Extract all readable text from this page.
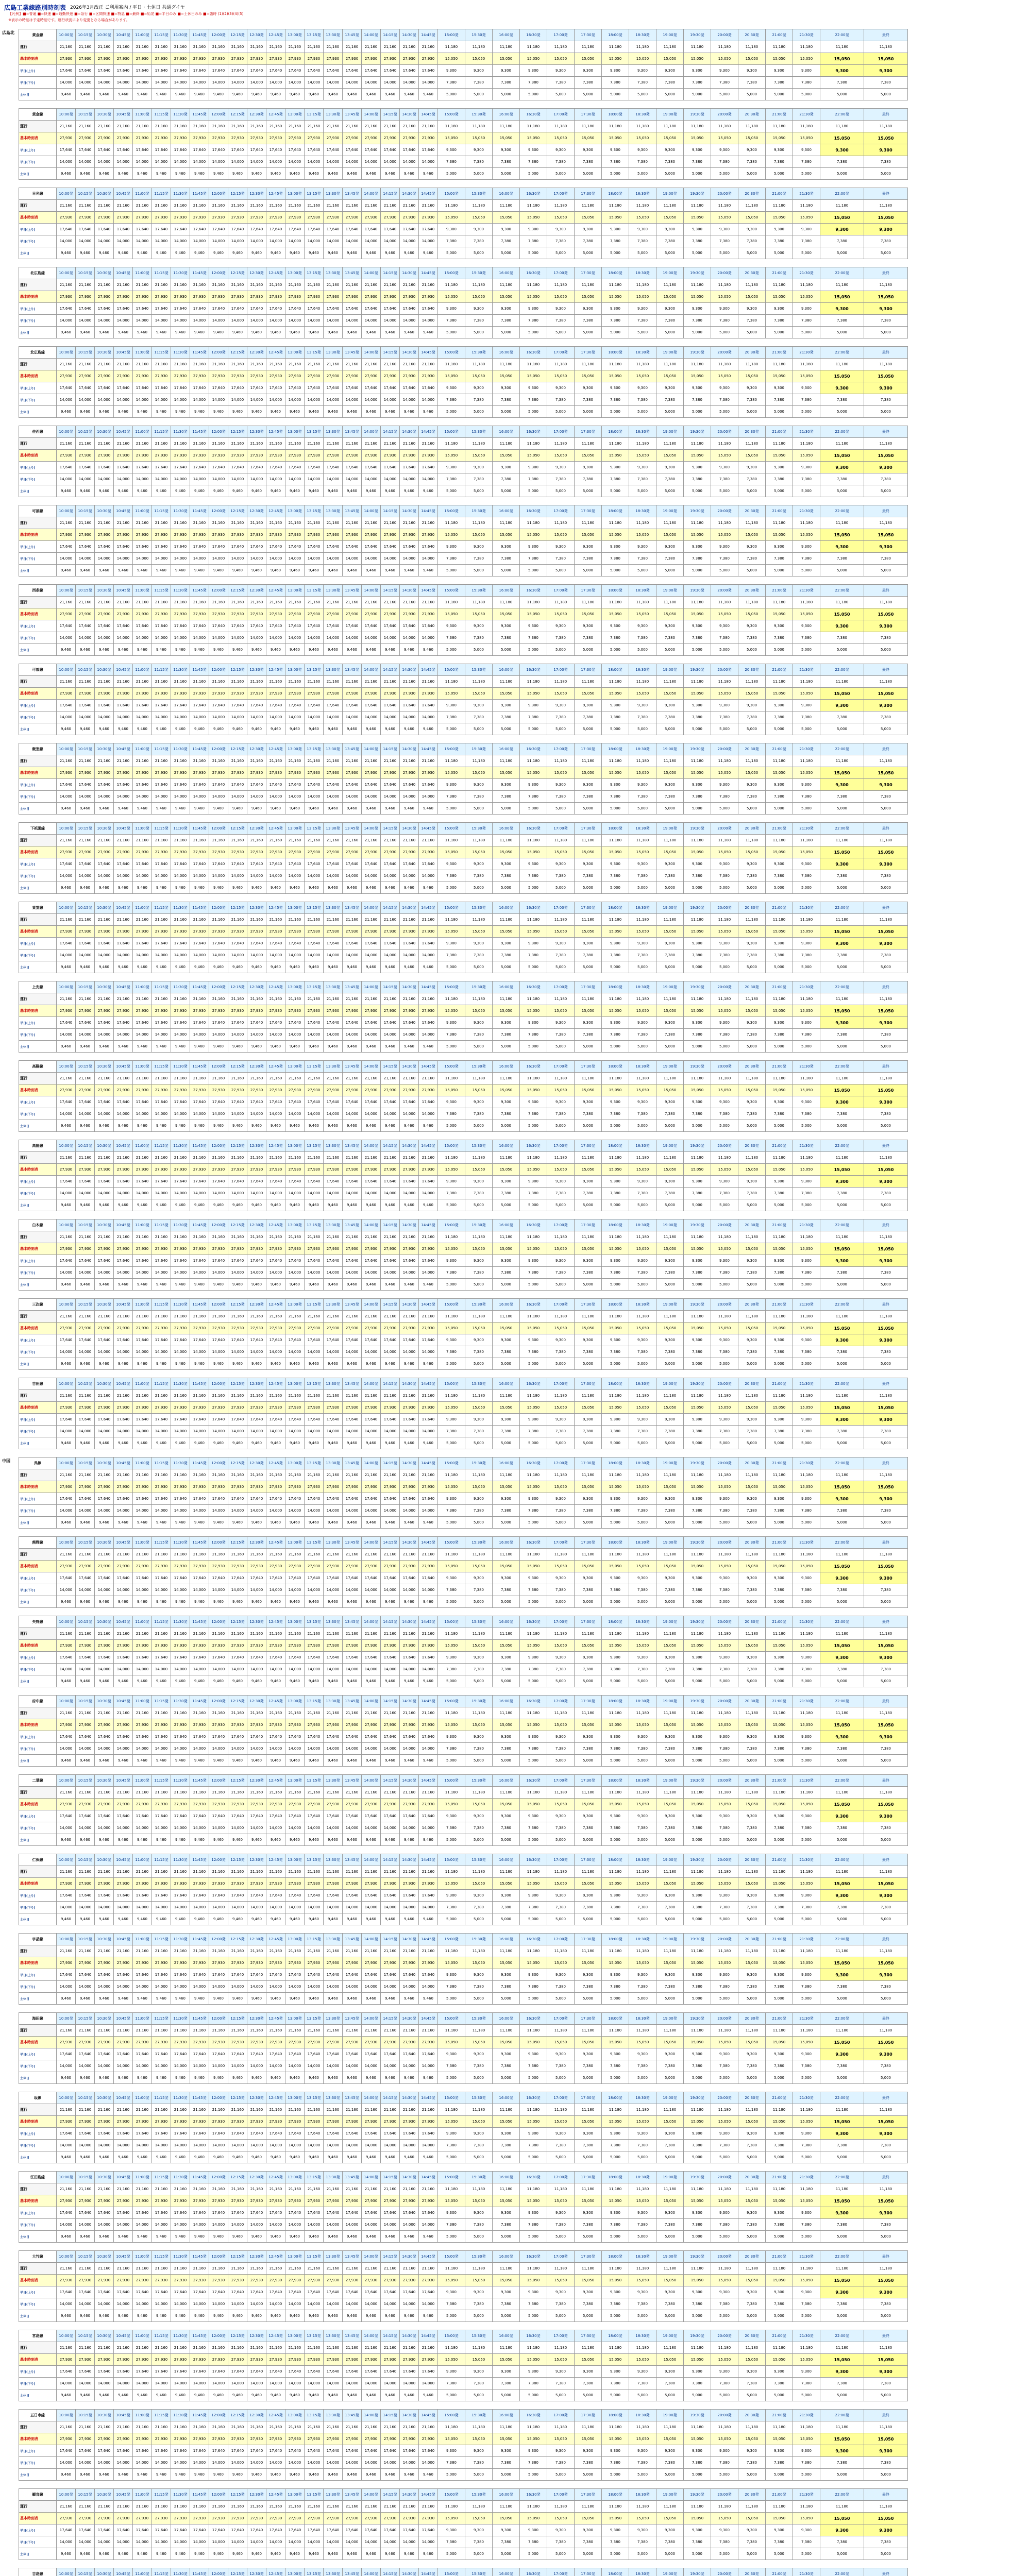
広島工業線路別時刻表 2026年3月改正 ご利用案内 / 平日・土休日 共通ダイヤ
【凡例】■=普通 ■=快速 ■=通勤快速 ■=急行 ■=区間快速 ■=特急 ■=最終 ■=始発 ■=平日のみ ■=土休日のみ ■=臨時 (1)(2)(3)(4)(5)
※表示の時刻は予定時刻です。運行状況により変更となる場合があります。
広島北	黄金線	10:00発	10:15発	10:30発	10:45発	11:00発	11:15発	11:30発	11:45発	12:00発	12:15発	12:30発	12:45発	13:00発	13:15発	13:30発	13:45発	14:00発	14:15発	14:30発	14:45発	15:00発	15:30発	16:00発	16:30発	17:00発	17:30発	18:00発	18:30発	19:00発	19:30発	20:00発	20:30発	21:00発	21:30発	22:00発	最終
運行	21,160	21,160	21,160	21,160	21,160	21,160	21,160	21,160	21,160	21,160	21,160	21,160	21,160	21,160	21,160	21,160	21,160	21,160	21,160	21,160	11,180	11,180	11,180	11,180	11,180	11,180	11,180	11,180	11,180	11,180	11,180	11,180	11,180	11,180	11,180	11,180
基本時刻表	27,930	27,930	27,930	27,930	27,930	27,930	27,930	27,930	27,930	27,930	27,930	27,930	27,930	27,930	27,930	27,930	27,930	27,930	27,930	27,930	15,050	15,050	15,050	15,050	15,050	15,050	15,050	15,050	15,050	15,050	15,050	15,050	15,050	15,050	15,050	15,050
平日(上り)	17,640	17,640	17,640	17,640	17,640	17,640	17,640	17,640	17,640	17,640	17,640	17,640	17,640	17,640	17,640	17,640	17,640	17,640	17,640	17,640	9,300	9,300	9,300	9,300	9,300	9,300	9,300	9,300	9,300	9,300	9,300	9,300	9,300	9,300	9,300	9,300
平日(下り)	14,000	14,000	14,000	14,000	14,000	14,000	14,000	14,000	14,000	14,000	14,000	14,000	14,000	14,000	14,000	14,000	14,000	14,000	14,000	14,000	7,380	7,380	7,380	7,380	7,380	7,380	7,380	7,380	7,380	7,380	7,380	7,380	7,380	7,380	7,380	7,380
土休日	9,460	9,460	9,460	9,460	9,460	9,460	9,460	9,460	9,460	9,460	9,460	9,460	9,460	9,460	9,460	9,460	9,460	9,460	9,460	9,460	5,000	5,000	5,000	5,000	5,000	5,000	5,000	5,000	5,000	5,000	5,000	5,000	5,000	5,000	5,000	5,000
黄金線	10:00発	10:15発	10:30発	10:45発	11:00発	11:15発	11:30発	11:45発	12:00発	12:15発	12:30発	12:45発	13:00発	13:15発	13:30発	13:45発	14:00発	14:15発	14:30発	14:45発	15:00発	15:30発	16:00発	16:30発	17:00発	17:30発	18:00発	18:30発	19:00発	19:30発	20:00発	20:30発	21:00発	21:30発	22:00発	最終
運行	21,160	21,160	21,160	21,160	21,160	21,160	21,160	21,160	21,160	21,160	21,160	21,160	21,160	21,160	21,160	21,160	21,160	21,160	21,160	21,160	11,180	11,180	11,180	11,180	11,180	11,180	11,180	11,180	11,180	11,180	11,180	11,180	11,180	11,180	11,180	11,180
基本時刻表	27,930	27,930	27,930	27,930	27,930	27,930	27,930	27,930	27,930	27,930	27,930	27,930	27,930	27,930	27,930	27,930	27,930	27,930	27,930	27,930	15,050	15,050	15,050	15,050	15,050	15,050	15,050	15,050	15,050	15,050	15,050	15,050	15,050	15,050	15,050	15,050
平日(上り)	17,640	17,640	17,640	17,640	17,640	17,640	17,640	17,640	17,640	17,640	17,640	17,640	17,640	17,640	17,640	17,640	17,640	17,640	17,640	17,640	9,300	9,300	9,300	9,300	9,300	9,300	9,300	9,300	9,300	9,300	9,300	9,300	9,300	9,300	9,300	9,300
平日(下り)	14,000	14,000	14,000	14,000	14,000	14,000	14,000	14,000	14,000	14,000	14,000	14,000	14,000	14,000	14,000	14,000	14,000	14,000	14,000	14,000	7,380	7,380	7,380	7,380	7,380	7,380	7,380	7,380	7,380	7,380	7,380	7,380	7,380	7,380	7,380	7,380
土休日	9,460	9,460	9,460	9,460	9,460	9,460	9,460	9,460	9,460	9,460	9,460	9,460	9,460	9,460	9,460	9,460	9,460	9,460	9,460	9,460	5,000	5,000	5,000	5,000	5,000	5,000	5,000	5,000	5,000	5,000	5,000	5,000	5,000	5,000	5,000	5,000
日光線	10:00発	10:15発	10:30発	10:45発	11:00発	11:15発	11:30発	11:45発	12:00発	12:15発	12:30発	12:45発	13:00発	13:15発	13:30発	13:45発	14:00発	14:15発	14:30発	14:45発	15:00発	15:30発	16:00発	16:30発	17:00発	17:30発	18:00発	18:30発	19:00発	19:30発	20:00発	20:30発	21:00発	21:30発	22:00発	最終
運行	21,160	21,160	21,160	21,160	21,160	21,160	21,160	21,160	21,160	21,160	21,160	21,160	21,160	21,160	21,160	21,160	21,160	21,160	21,160	21,160	11,180	11,180	11,180	11,180	11,180	11,180	11,180	11,180	11,180	11,180	11,180	11,180	11,180	11,180	11,180	11,180
基本時刻表	27,930	27,930	27,930	27,930	27,930	27,930	27,930	27,930	27,930	27,930	27,930	27,930	27,930	27,930	27,930	27,930	27,930	27,930	27,930	27,930	15,050	15,050	15,050	15,050	15,050	15,050	15,050	15,050	15,050	15,050	15,050	15,050	15,050	15,050	15,050	15,050
平日(上り)	17,640	17,640	17,640	17,640	17,640	17,640	17,640	17,640	17,640	17,640	17,640	17,640	17,640	17,640	17,640	17,640	17,640	17,640	17,640	17,640	9,300	9,300	9,300	9,300	9,300	9,300	9,300	9,300	9,300	9,300	9,300	9,300	9,300	9,300	9,300	9,300
平日(下り)	14,000	14,000	14,000	14,000	14,000	14,000	14,000	14,000	14,000	14,000	14,000	14,000	14,000	14,000	14,000	14,000	14,000	14,000	14,000	14,000	7,380	7,380	7,380	7,380	7,380	7,380	7,380	7,380	7,380	7,380	7,380	7,380	7,380	7,380	7,380	7,380
土休日	9,460	9,460	9,460	9,460	9,460	9,460	9,460	9,460	9,460	9,460	9,460	9,460	9,460	9,460	9,460	9,460	9,460	9,460	9,460	9,460	5,000	5,000	5,000	5,000	5,000	5,000	5,000	5,000	5,000	5,000	5,000	5,000	5,000	5,000	5,000	5,000
北広島線	10:00発	10:15発	10:30発	10:45発	11:00発	11:15発	11:30発	11:45発	12:00発	12:15発	12:30発	12:45発	13:00発	13:15発	13:30発	13:45発	14:00発	14:15発	14:30発	14:45発	15:00発	15:30発	16:00発	16:30発	17:00発	17:30発	18:00発	18:30発	19:00発	19:30発	20:00発	20:30発	21:00発	21:30発	22:00発	最終
運行	21,160	21,160	21,160	21,160	21,160	21,160	21,160	21,160	21,160	21,160	21,160	21,160	21,160	21,160	21,160	21,160	21,160	21,160	21,160	21,160	11,180	11,180	11,180	11,180	11,180	11,180	11,180	11,180	11,180	11,180	11,180	11,180	11,180	11,180	11,180	11,180
基本時刻表	27,930	27,930	27,930	27,930	27,930	27,930	27,930	27,930	27,930	27,930	27,930	27,930	27,930	27,930	27,930	27,930	27,930	27,930	27,930	27,930	15,050	15,050	15,050	15,050	15,050	15,050	15,050	15,050	15,050	15,050	15,050	15,050	15,050	15,050	15,050	15,050
平日(上り)	17,640	17,640	17,640	17,640	17,640	17,640	17,640	17,640	17,640	17,640	17,640	17,640	17,640	17,640	17,640	17,640	17,640	17,640	17,640	17,640	9,300	9,300	9,300	9,300	9,300	9,300	9,300	9,300	9,300	9,300	9,300	9,300	9,300	9,300	9,300	9,300
平日(下り)	14,000	14,000	14,000	14,000	14,000	14,000	14,000	14,000	14,000	14,000	14,000	14,000	14,000	14,000	14,000	14,000	14,000	14,000	14,000	14,000	7,380	7,380	7,380	7,380	7,380	7,380	7,380	7,380	7,380	7,380	7,380	7,380	7,380	7,380	7,380	7,380
土休日	9,460	9,460	9,460	9,460	9,460	9,460	9,460	9,460	9,460	9,460	9,460	9,460	9,460	9,460	9,460	9,460	9,460	9,460	9,460	9,460	5,000	5,000	5,000	5,000	5,000	5,000	5,000	5,000	5,000	5,000	5,000	5,000	5,000	5,000	5,000	5,000
北広島線	10:00発	10:15発	10:30発	10:45発	11:00発	11:15発	11:30発	11:45発	12:00発	12:15発	12:30発	12:45発	13:00発	13:15発	13:30発	13:45発	14:00発	14:15発	14:30発	14:45発	15:00発	15:30発	16:00発	16:30発	17:00発	17:30発	18:00発	18:30発	19:00発	19:30発	20:00発	20:30発	21:00発	21:30発	22:00発	最終
運行	21,160	21,160	21,160	21,160	21,160	21,160	21,160	21,160	21,160	21,160	21,160	21,160	21,160	21,160	21,160	21,160	21,160	21,160	21,160	21,160	11,180	11,180	11,180	11,180	11,180	11,180	11,180	11,180	11,180	11,180	11,180	11,180	11,180	11,180	11,180	11,180
基本時刻表	27,930	27,930	27,930	27,930	27,930	27,930	27,930	27,930	27,930	27,930	27,930	27,930	27,930	27,930	27,930	27,930	27,930	27,930	27,930	27,930	15,050	15,050	15,050	15,050	15,050	15,050	15,050	15,050	15,050	15,050	15,050	15,050	15,050	15,050	15,050	15,050
平日(上り)	17,640	17,640	17,640	17,640	17,640	17,640	17,640	17,640	17,640	17,640	17,640	17,640	17,640	17,640	17,640	17,640	17,640	17,640	17,640	17,640	9,300	9,300	9,300	9,300	9,300	9,300	9,300	9,300	9,300	9,300	9,300	9,300	9,300	9,300	9,300	9,300
平日(下り)	14,000	14,000	14,000	14,000	14,000	14,000	14,000	14,000	14,000	14,000	14,000	14,000	14,000	14,000	14,000	14,000	14,000	14,000	14,000	14,000	7,380	7,380	7,380	7,380	7,380	7,380	7,380	7,380	7,380	7,380	7,380	7,380	7,380	7,380	7,380	7,380
土休日	9,460	9,460	9,460	9,460	9,460	9,460	9,460	9,460	9,460	9,460	9,460	9,460	9,460	9,460	9,460	9,460	9,460	9,460	9,460	9,460	5,000	5,000	5,000	5,000	5,000	5,000	5,000	5,000	5,000	5,000	5,000	5,000	5,000	5,000	5,000	5,000
佐西線	10:00発	10:15発	10:30発	10:45発	11:00発	11:15発	11:30発	11:45発	12:00発	12:15発	12:30発	12:45発	13:00発	13:15発	13:30発	13:45発	14:00発	14:15発	14:30発	14:45発	15:00発	15:30発	16:00発	16:30発	17:00発	17:30発	18:00発	18:30発	19:00発	19:30発	20:00発	20:30発	21:00発	21:30発	22:00発	最終
運行	21,160	21,160	21,160	21,160	21,160	21,160	21,160	21,160	21,160	21,160	21,160	21,160	21,160	21,160	21,160	21,160	21,160	21,160	21,160	21,160	11,180	11,180	11,180	11,180	11,180	11,180	11,180	11,180	11,180	11,180	11,180	11,180	11,180	11,180	11,180	11,180
基本時刻表	27,930	27,930	27,930	27,930	27,930	27,930	27,930	27,930	27,930	27,930	27,930	27,930	27,930	27,930	27,930	27,930	27,930	27,930	27,930	27,930	15,050	15,050	15,050	15,050	15,050	15,050	15,050	15,050	15,050	15,050	15,050	15,050	15,050	15,050	15,050	15,050
平日(上り)	17,640	17,640	17,640	17,640	17,640	17,640	17,640	17,640	17,640	17,640	17,640	17,640	17,640	17,640	17,640	17,640	17,640	17,640	17,640	17,640	9,300	9,300	9,300	9,300	9,300	9,300	9,300	9,300	9,300	9,300	9,300	9,300	9,300	9,300	9,300	9,300
平日(下り)	14,000	14,000	14,000	14,000	14,000	14,000	14,000	14,000	14,000	14,000	14,000	14,000	14,000	14,000	14,000	14,000	14,000	14,000	14,000	14,000	7,380	7,380	7,380	7,380	7,380	7,380	7,380	7,380	7,380	7,380	7,380	7,380	7,380	7,380	7,380	7,380
土休日	9,460	9,460	9,460	9,460	9,460	9,460	9,460	9,460	9,460	9,460	9,460	9,460	9,460	9,460	9,460	9,460	9,460	9,460	9,460	9,460	5,000	5,000	5,000	5,000	5,000	5,000	5,000	5,000	5,000	5,000	5,000	5,000	5,000	5,000	5,000	5,000
可部線	10:00発	10:15発	10:30発	10:45発	11:00発	11:15発	11:30発	11:45発	12:00発	12:15発	12:30発	12:45発	13:00発	13:15発	13:30発	13:45発	14:00発	14:15発	14:30発	14:45発	15:00発	15:30発	16:00発	16:30発	17:00発	17:30発	18:00発	18:30発	19:00発	19:30発	20:00発	20:30発	21:00発	21:30発	22:00発	最終
運行	21,160	21,160	21,160	21,160	21,160	21,160	21,160	21,160	21,160	21,160	21,160	21,160	21,160	21,160	21,160	21,160	21,160	21,160	21,160	21,160	11,180	11,180	11,180	11,180	11,180	11,180	11,180	11,180	11,180	11,180	11,180	11,180	11,180	11,180	11,180	11,180
基本時刻表	27,930	27,930	27,930	27,930	27,930	27,930	27,930	27,930	27,930	27,930	27,930	27,930	27,930	27,930	27,930	27,930	27,930	27,930	27,930	27,930	15,050	15,050	15,050	15,050	15,050	15,050	15,050	15,050	15,050	15,050	15,050	15,050	15,050	15,050	15,050	15,050
平日(上り)	17,640	17,640	17,640	17,640	17,640	17,640	17,640	17,640	17,640	17,640	17,640	17,640	17,640	17,640	17,640	17,640	17,640	17,640	17,640	17,640	9,300	9,300	9,300	9,300	9,300	9,300	9,300	9,300	9,300	9,300	9,300	9,300	9,300	9,300	9,300	9,300
平日(下り)	14,000	14,000	14,000	14,000	14,000	14,000	14,000	14,000	14,000	14,000	14,000	14,000	14,000	14,000	14,000	14,000	14,000	14,000	14,000	14,000	7,380	7,380	7,380	7,380	7,380	7,380	7,380	7,380	7,380	7,380	7,380	7,380	7,380	7,380	7,380	7,380
土休日	9,460	9,460	9,460	9,460	9,460	9,460	9,460	9,460	9,460	9,460	9,460	9,460	9,460	9,460	9,460	9,460	9,460	9,460	9,460	9,460	5,000	5,000	5,000	5,000	5,000	5,000	5,000	5,000	5,000	5,000	5,000	5,000	5,000	5,000	5,000	5,000
西条線	10:00発	10:15発	10:30発	10:45発	11:00発	11:15発	11:30発	11:45発	12:00発	12:15発	12:30発	12:45発	13:00発	13:15発	13:30発	13:45発	14:00発	14:15発	14:30発	14:45発	15:00発	15:30発	16:00発	16:30発	17:00発	17:30発	18:00発	18:30発	19:00発	19:30発	20:00発	20:30発	21:00発	21:30発	22:00発	最終
運行	21,160	21,160	21,160	21,160	21,160	21,160	21,160	21,160	21,160	21,160	21,160	21,160	21,160	21,160	21,160	21,160	21,160	21,160	21,160	21,160	11,180	11,180	11,180	11,180	11,180	11,180	11,180	11,180	11,180	11,180	11,180	11,180	11,180	11,180	11,180	11,180
基本時刻表	27,930	27,930	27,930	27,930	27,930	27,930	27,930	27,930	27,930	27,930	27,930	27,930	27,930	27,930	27,930	27,930	27,930	27,930	27,930	27,930	15,050	15,050	15,050	15,050	15,050	15,050	15,050	15,050	15,050	15,050	15,050	15,050	15,050	15,050	15,050	15,050
平日(上り)	17,640	17,640	17,640	17,640	17,640	17,640	17,640	17,640	17,640	17,640	17,640	17,640	17,640	17,640	17,640	17,640	17,640	17,640	17,640	17,640	9,300	9,300	9,300	9,300	9,300	9,300	9,300	9,300	9,300	9,300	9,300	9,300	9,300	9,300	9,300	9,300
平日(下り)	14,000	14,000	14,000	14,000	14,000	14,000	14,000	14,000	14,000	14,000	14,000	14,000	14,000	14,000	14,000	14,000	14,000	14,000	14,000	14,000	7,380	7,380	7,380	7,380	7,380	7,380	7,380	7,380	7,380	7,380	7,380	7,380	7,380	7,380	7,380	7,380
土休日	9,460	9,460	9,460	9,460	9,460	9,460	9,460	9,460	9,460	9,460	9,460	9,460	9,460	9,460	9,460	9,460	9,460	9,460	9,460	9,460	5,000	5,000	5,000	5,000	5,000	5,000	5,000	5,000	5,000	5,000	5,000	5,000	5,000	5,000	5,000	5,000
可部線	10:00発	10:15発	10:30発	10:45発	11:00発	11:15発	11:30発	11:45発	12:00発	12:15発	12:30発	12:45発	13:00発	13:15発	13:30発	13:45発	14:00発	14:15発	14:30発	14:45発	15:00発	15:30発	16:00発	16:30発	17:00発	17:30発	18:00発	18:30発	19:00発	19:30発	20:00発	20:30発	21:00発	21:30発	22:00発	最終
運行	21,160	21,160	21,160	21,160	21,160	21,160	21,160	21,160	21,160	21,160	21,160	21,160	21,160	21,160	21,160	21,160	21,160	21,160	21,160	21,160	11,180	11,180	11,180	11,180	11,180	11,180	11,180	11,180	11,180	11,180	11,180	11,180	11,180	11,180	11,180	11,180
基本時刻表	27,930	27,930	27,930	27,930	27,930	27,930	27,930	27,930	27,930	27,930	27,930	27,930	27,930	27,930	27,930	27,930	27,930	27,930	27,930	27,930	15,050	15,050	15,050	15,050	15,050	15,050	15,050	15,050	15,050	15,050	15,050	15,050	15,050	15,050	15,050	15,050
平日(上り)	17,640	17,640	17,640	17,640	17,640	17,640	17,640	17,640	17,640	17,640	17,640	17,640	17,640	17,640	17,640	17,640	17,640	17,640	17,640	17,640	9,300	9,300	9,300	9,300	9,300	9,300	9,300	9,300	9,300	9,300	9,300	9,300	9,300	9,300	9,300	9,300
平日(下り)	14,000	14,000	14,000	14,000	14,000	14,000	14,000	14,000	14,000	14,000	14,000	14,000	14,000	14,000	14,000	14,000	14,000	14,000	14,000	14,000	7,380	7,380	7,380	7,380	7,380	7,380	7,380	7,380	7,380	7,380	7,380	7,380	7,380	7,380	7,380	7,380
土休日	9,460	9,460	9,460	9,460	9,460	9,460	9,460	9,460	9,460	9,460	9,460	9,460	9,460	9,460	9,460	9,460	9,460	9,460	9,460	9,460	5,000	5,000	5,000	5,000	5,000	5,000	5,000	5,000	5,000	5,000	5,000	5,000	5,000	5,000	5,000	5,000
飯室線	10:00発	10:15発	10:30発	10:45発	11:00発	11:15発	11:30発	11:45発	12:00発	12:15発	12:30発	12:45発	13:00発	13:15発	13:30発	13:45発	14:00発	14:15発	14:30発	14:45発	15:00発	15:30発	16:00発	16:30発	17:00発	17:30発	18:00発	18:30発	19:00発	19:30発	20:00発	20:30発	21:00発	21:30発	22:00発	最終
運行	21,160	21,160	21,160	21,160	21,160	21,160	21,160	21,160	21,160	21,160	21,160	21,160	21,160	21,160	21,160	21,160	21,160	21,160	21,160	21,160	11,180	11,180	11,180	11,180	11,180	11,180	11,180	11,180	11,180	11,180	11,180	11,180	11,180	11,180	11,180	11,180
基本時刻表	27,930	27,930	27,930	27,930	27,930	27,930	27,930	27,930	27,930	27,930	27,930	27,930	27,930	27,930	27,930	27,930	27,930	27,930	27,930	27,930	15,050	15,050	15,050	15,050	15,050	15,050	15,050	15,050	15,050	15,050	15,050	15,050	15,050	15,050	15,050	15,050
平日(上り)	17,640	17,640	17,640	17,640	17,640	17,640	17,640	17,640	17,640	17,640	17,640	17,640	17,640	17,640	17,640	17,640	17,640	17,640	17,640	17,640	9,300	9,300	9,300	9,300	9,300	9,300	9,300	9,300	9,300	9,300	9,300	9,300	9,300	9,300	9,300	9,300
平日(下り)	14,000	14,000	14,000	14,000	14,000	14,000	14,000	14,000	14,000	14,000	14,000	14,000	14,000	14,000	14,000	14,000	14,000	14,000	14,000	14,000	7,380	7,380	7,380	7,380	7,380	7,380	7,380	7,380	7,380	7,380	7,380	7,380	7,380	7,380	7,380	7,380
土休日	9,460	9,460	9,460	9,460	9,460	9,460	9,460	9,460	9,460	9,460	9,460	9,460	9,460	9,460	9,460	9,460	9,460	9,460	9,460	9,460	5,000	5,000	5,000	5,000	5,000	5,000	5,000	5,000	5,000	5,000	5,000	5,000	5,000	5,000	5,000	5,000
下祇園線	10:00発	10:15発	10:30発	10:45発	11:00発	11:15発	11:30発	11:45発	12:00発	12:15発	12:30発	12:45発	13:00発	13:15発	13:30発	13:45発	14:00発	14:15発	14:30発	14:45発	15:00発	15:30発	16:00発	16:30発	17:00発	17:30発	18:00発	18:30発	19:00発	19:30発	20:00発	20:30発	21:00発	21:30発	22:00発	最終
運行	21,160	21,160	21,160	21,160	21,160	21,160	21,160	21,160	21,160	21,160	21,160	21,160	21,160	21,160	21,160	21,160	21,160	21,160	21,160	21,160	11,180	11,180	11,180	11,180	11,180	11,180	11,180	11,180	11,180	11,180	11,180	11,180	11,180	11,180	11,180	11,180
基本時刻表	27,930	27,930	27,930	27,930	27,930	27,930	27,930	27,930	27,930	27,930	27,930	27,930	27,930	27,930	27,930	27,930	27,930	27,930	27,930	27,930	15,050	15,050	15,050	15,050	15,050	15,050	15,050	15,050	15,050	15,050	15,050	15,050	15,050	15,050	15,050	15,050
平日(上り)	17,640	17,640	17,640	17,640	17,640	17,640	17,640	17,640	17,640	17,640	17,640	17,640	17,640	17,640	17,640	17,640	17,640	17,640	17,640	17,640	9,300	9,300	9,300	9,300	9,300	9,300	9,300	9,300	9,300	9,300	9,300	9,300	9,300	9,300	9,300	9,300
平日(下り)	14,000	14,000	14,000	14,000	14,000	14,000	14,000	14,000	14,000	14,000	14,000	14,000	14,000	14,000	14,000	14,000	14,000	14,000	14,000	14,000	7,380	7,380	7,380	7,380	7,380	7,380	7,380	7,380	7,380	7,380	7,380	7,380	7,380	7,380	7,380	7,380
土休日	9,460	9,460	9,460	9,460	9,460	9,460	9,460	9,460	9,460	9,460	9,460	9,460	9,460	9,460	9,460	9,460	9,460	9,460	9,460	9,460	5,000	5,000	5,000	5,000	5,000	5,000	5,000	5,000	5,000	5,000	5,000	5,000	5,000	5,000	5,000	5,000
東雲線	10:00発	10:15発	10:30発	10:45発	11:00発	11:15発	11:30発	11:45発	12:00発	12:15発	12:30発	12:45発	13:00発	13:15発	13:30発	13:45発	14:00発	14:15発	14:30発	14:45発	15:00発	15:30発	16:00発	16:30発	17:00発	17:30発	18:00発	18:30発	19:00発	19:30発	20:00発	20:30発	21:00発	21:30発	22:00発	最終
運行	21,160	21,160	21,160	21,160	21,160	21,160	21,160	21,160	21,160	21,160	21,160	21,160	21,160	21,160	21,160	21,160	21,160	21,160	21,160	21,160	11,180	11,180	11,180	11,180	11,180	11,180	11,180	11,180	11,180	11,180	11,180	11,180	11,180	11,180	11,180	11,180
基本時刻表	27,930	27,930	27,930	27,930	27,930	27,930	27,930	27,930	27,930	27,930	27,930	27,930	27,930	27,930	27,930	27,930	27,930	27,930	27,930	27,930	15,050	15,050	15,050	15,050	15,050	15,050	15,050	15,050	15,050	15,050	15,050	15,050	15,050	15,050	15,050	15,050
平日(上り)	17,640	17,640	17,640	17,640	17,640	17,640	17,640	17,640	17,640	17,640	17,640	17,640	17,640	17,640	17,640	17,640	17,640	17,640	17,640	17,640	9,300	9,300	9,300	9,300	9,300	9,300	9,300	9,300	9,300	9,300	9,300	9,300	9,300	9,300	9,300	9,300
平日(下り)	14,000	14,000	14,000	14,000	14,000	14,000	14,000	14,000	14,000	14,000	14,000	14,000	14,000	14,000	14,000	14,000	14,000	14,000	14,000	14,000	7,380	7,380	7,380	7,380	7,380	7,380	7,380	7,380	7,380	7,380	7,380	7,380	7,380	7,380	7,380	7,380
土休日	9,460	9,460	9,460	9,460	9,460	9,460	9,460	9,460	9,460	9,460	9,460	9,460	9,460	9,460	9,460	9,460	9,460	9,460	9,460	9,460	5,000	5,000	5,000	5,000	5,000	5,000	5,000	5,000	5,000	5,000	5,000	5,000	5,000	5,000	5,000	5,000
上安線	10:00発	10:15発	10:30発	10:45発	11:00発	11:15発	11:30発	11:45発	12:00発	12:15発	12:30発	12:45発	13:00発	13:15発	13:30発	13:45発	14:00発	14:15発	14:30発	14:45発	15:00発	15:30発	16:00発	16:30発	17:00発	17:30発	18:00発	18:30発	19:00発	19:30発	20:00発	20:30発	21:00発	21:30発	22:00発	最終
運行	21,160	21,160	21,160	21,160	21,160	21,160	21,160	21,160	21,160	21,160	21,160	21,160	21,160	21,160	21,160	21,160	21,160	21,160	21,160	21,160	11,180	11,180	11,180	11,180	11,180	11,180	11,180	11,180	11,180	11,180	11,180	11,180	11,180	11,180	11,180	11,180
基本時刻表	27,930	27,930	27,930	27,930	27,930	27,930	27,930	27,930	27,930	27,930	27,930	27,930	27,930	27,930	27,930	27,930	27,930	27,930	27,930	27,930	15,050	15,050	15,050	15,050	15,050	15,050	15,050	15,050	15,050	15,050	15,050	15,050	15,050	15,050	15,050	15,050
平日(上り)	17,640	17,640	17,640	17,640	17,640	17,640	17,640	17,640	17,640	17,640	17,640	17,640	17,640	17,640	17,640	17,640	17,640	17,640	17,640	17,640	9,300	9,300	9,300	9,300	9,300	9,300	9,300	9,300	9,300	9,300	9,300	9,300	9,300	9,300	9,300	9,300
平日(下り)	14,000	14,000	14,000	14,000	14,000	14,000	14,000	14,000	14,000	14,000	14,000	14,000	14,000	14,000	14,000	14,000	14,000	14,000	14,000	14,000	7,380	7,380	7,380	7,380	7,380	7,380	7,380	7,380	7,380	7,380	7,380	7,380	7,380	7,380	7,380	7,380
土休日	9,460	9,460	9,460	9,460	9,460	9,460	9,460	9,460	9,460	9,460	9,460	9,460	9,460	9,460	9,460	9,460	9,460	9,460	9,460	9,460	5,000	5,000	5,000	5,000	5,000	5,000	5,000	5,000	5,000	5,000	5,000	5,000	5,000	5,000	5,000	5,000
高陽線	10:00発	10:15発	10:30発	10:45発	11:00発	11:15発	11:30発	11:45発	12:00発	12:15発	12:30発	12:45発	13:00発	13:15発	13:30発	13:45発	14:00発	14:15発	14:30発	14:45発	15:00発	15:30発	16:00発	16:30発	17:00発	17:30発	18:00発	18:30発	19:00発	19:30発	20:00発	20:30発	21:00発	21:30発	22:00発	最終
運行	21,160	21,160	21,160	21,160	21,160	21,160	21,160	21,160	21,160	21,160	21,160	21,160	21,160	21,160	21,160	21,160	21,160	21,160	21,160	21,160	11,180	11,180	11,180	11,180	11,180	11,180	11,180	11,180	11,180	11,180	11,180	11,180	11,180	11,180	11,180	11,180
基本時刻表	27,930	27,930	27,930	27,930	27,930	27,930	27,930	27,930	27,930	27,930	27,930	27,930	27,930	27,930	27,930	27,930	27,930	27,930	27,930	27,930	15,050	15,050	15,050	15,050	15,050	15,050	15,050	15,050	15,050	15,050	15,050	15,050	15,050	15,050	15,050	15,050
平日(上り)	17,640	17,640	17,640	17,640	17,640	17,640	17,640	17,640	17,640	17,640	17,640	17,640	17,640	17,640	17,640	17,640	17,640	17,640	17,640	17,640	9,300	9,300	9,300	9,300	9,300	9,300	9,300	9,300	9,300	9,300	9,300	9,300	9,300	9,300	9,300	9,300
平日(下り)	14,000	14,000	14,000	14,000	14,000	14,000	14,000	14,000	14,000	14,000	14,000	14,000	14,000	14,000	14,000	14,000	14,000	14,000	14,000	14,000	7,380	7,380	7,380	7,380	7,380	7,380	7,380	7,380	7,380	7,380	7,380	7,380	7,380	7,380	7,380	7,380
土休日	9,460	9,460	9,460	9,460	9,460	9,460	9,460	9,460	9,460	9,460	9,460	9,460	9,460	9,460	9,460	9,460	9,460	9,460	9,460	9,460	5,000	5,000	5,000	5,000	5,000	5,000	5,000	5,000	5,000	5,000	5,000	5,000	5,000	5,000	5,000	5,000
高陽線	10:00発	10:15発	10:30発	10:45発	11:00発	11:15発	11:30発	11:45発	12:00発	12:15発	12:30発	12:45発	13:00発	13:15発	13:30発	13:45発	14:00発	14:15発	14:30発	14:45発	15:00発	15:30発	16:00発	16:30発	17:00発	17:30発	18:00発	18:30発	19:00発	19:30発	20:00発	20:30発	21:00発	21:30発	22:00発	最終
運行	21,160	21,160	21,160	21,160	21,160	21,160	21,160	21,160	21,160	21,160	21,160	21,160	21,160	21,160	21,160	21,160	21,160	21,160	21,160	21,160	11,180	11,180	11,180	11,180	11,180	11,180	11,180	11,180	11,180	11,180	11,180	11,180	11,180	11,180	11,180	11,180
基本時刻表	27,930	27,930	27,930	27,930	27,930	27,930	27,930	27,930	27,930	27,930	27,930	27,930	27,930	27,930	27,930	27,930	27,930	27,930	27,930	27,930	15,050	15,050	15,050	15,050	15,050	15,050	15,050	15,050	15,050	15,050	15,050	15,050	15,050	15,050	15,050	15,050
平日(上り)	17,640	17,640	17,640	17,640	17,640	17,640	17,640	17,640	17,640	17,640	17,640	17,640	17,640	17,640	17,640	17,640	17,640	17,640	17,640	17,640	9,300	9,300	9,300	9,300	9,300	9,300	9,300	9,300	9,300	9,300	9,300	9,300	9,300	9,300	9,300	9,300
平日(下り)	14,000	14,000	14,000	14,000	14,000	14,000	14,000	14,000	14,000	14,000	14,000	14,000	14,000	14,000	14,000	14,000	14,000	14,000	14,000	14,000	7,380	7,380	7,380	7,380	7,380	7,380	7,380	7,380	7,380	7,380	7,380	7,380	7,380	7,380	7,380	7,380
土休日	9,460	9,460	9,460	9,460	9,460	9,460	9,460	9,460	9,460	9,460	9,460	9,460	9,460	9,460	9,460	9,460	9,460	9,460	9,460	9,460	5,000	5,000	5,000	5,000	5,000	5,000	5,000	5,000	5,000	5,000	5,000	5,000	5,000	5,000	5,000	5,000
白木線	10:00発	10:15発	10:30発	10:45発	11:00発	11:15発	11:30発	11:45発	12:00発	12:15発	12:30発	12:45発	13:00発	13:15発	13:30発	13:45発	14:00発	14:15発	14:30発	14:45発	15:00発	15:30発	16:00発	16:30発	17:00発	17:30発	18:00発	18:30発	19:00発	19:30発	20:00発	20:30発	21:00発	21:30発	22:00発	最終
運行	21,160	21,160	21,160	21,160	21,160	21,160	21,160	21,160	21,160	21,160	21,160	21,160	21,160	21,160	21,160	21,160	21,160	21,160	21,160	21,160	11,180	11,180	11,180	11,180	11,180	11,180	11,180	11,180	11,180	11,180	11,180	11,180	11,180	11,180	11,180	11,180
基本時刻表	27,930	27,930	27,930	27,930	27,930	27,930	27,930	27,930	27,930	27,930	27,930	27,930	27,930	27,930	27,930	27,930	27,930	27,930	27,930	27,930	15,050	15,050	15,050	15,050	15,050	15,050	15,050	15,050	15,050	15,050	15,050	15,050	15,050	15,050	15,050	15,050
平日(上り)	17,640	17,640	17,640	17,640	17,640	17,640	17,640	17,640	17,640	17,640	17,640	17,640	17,640	17,640	17,640	17,640	17,640	17,640	17,640	17,640	9,300	9,300	9,300	9,300	9,300	9,300	9,300	9,300	9,300	9,300	9,300	9,300	9,300	9,300	9,300	9,300
平日(下り)	14,000	14,000	14,000	14,000	14,000	14,000	14,000	14,000	14,000	14,000	14,000	14,000	14,000	14,000	14,000	14,000	14,000	14,000	14,000	14,000	7,380	7,380	7,380	7,380	7,380	7,380	7,380	7,380	7,380	7,380	7,380	7,380	7,380	7,380	7,380	7,380
土休日	9,460	9,460	9,460	9,460	9,460	9,460	9,460	9,460	9,460	9,460	9,460	9,460	9,460	9,460	9,460	9,460	9,460	9,460	9,460	9,460	5,000	5,000	5,000	5,000	5,000	5,000	5,000	5,000	5,000	5,000	5,000	5,000	5,000	5,000	5,000	5,000
三次線	10:00発	10:15発	10:30発	10:45発	11:00発	11:15発	11:30発	11:45発	12:00発	12:15発	12:30発	12:45発	13:00発	13:15発	13:30発	13:45発	14:00発	14:15発	14:30発	14:45発	15:00発	15:30発	16:00発	16:30発	17:00発	17:30発	18:00発	18:30発	19:00発	19:30発	20:00発	20:30発	21:00発	21:30発	22:00発	最終
運行	21,160	21,160	21,160	21,160	21,160	21,160	21,160	21,160	21,160	21,160	21,160	21,160	21,160	21,160	21,160	21,160	21,160	21,160	21,160	21,160	11,180	11,180	11,180	11,180	11,180	11,180	11,180	11,180	11,180	11,180	11,180	11,180	11,180	11,180	11,180	11,180
基本時刻表	27,930	27,930	27,930	27,930	27,930	27,930	27,930	27,930	27,930	27,930	27,930	27,930	27,930	27,930	27,930	27,930	27,930	27,930	27,930	27,930	15,050	15,050	15,050	15,050	15,050	15,050	15,050	15,050	15,050	15,050	15,050	15,050	15,050	15,050	15,050	15,050
平日(上り)	17,640	17,640	17,640	17,640	17,640	17,640	17,640	17,640	17,640	17,640	17,640	17,640	17,640	17,640	17,640	17,640	17,640	17,640	17,640	17,640	9,300	9,300	9,300	9,300	9,300	9,300	9,300	9,300	9,300	9,300	9,300	9,300	9,300	9,300	9,300	9,300
平日(下り)	14,000	14,000	14,000	14,000	14,000	14,000	14,000	14,000	14,000	14,000	14,000	14,000	14,000	14,000	14,000	14,000	14,000	14,000	14,000	14,000	7,380	7,380	7,380	7,380	7,380	7,380	7,380	7,380	7,380	7,380	7,380	7,380	7,380	7,380	7,380	7,380
土休日	9,460	9,460	9,460	9,460	9,460	9,460	9,460	9,460	9,460	9,460	9,460	9,460	9,460	9,460	9,460	9,460	9,460	9,460	9,460	9,460	5,000	5,000	5,000	5,000	5,000	5,000	5,000	5,000	5,000	5,000	5,000	5,000	5,000	5,000	5,000	5,000
吉田線	10:00発	10:15発	10:30発	10:45発	11:00発	11:15発	11:30発	11:45発	12:00発	12:15発	12:30発	12:45発	13:00発	13:15発	13:30発	13:45発	14:00発	14:15発	14:30発	14:45発	15:00発	15:30発	16:00発	16:30発	17:00発	17:30発	18:00発	18:30発	19:00発	19:30発	20:00発	20:30発	21:00発	21:30発	22:00発	最終
運行	21,160	21,160	21,160	21,160	21,160	21,160	21,160	21,160	21,160	21,160	21,160	21,160	21,160	21,160	21,160	21,160	21,160	21,160	21,160	21,160	11,180	11,180	11,180	11,180	11,180	11,180	11,180	11,180	11,180	11,180	11,180	11,180	11,180	11,180	11,180	11,180
基本時刻表	27,930	27,930	27,930	27,930	27,930	27,930	27,930	27,930	27,930	27,930	27,930	27,930	27,930	27,930	27,930	27,930	27,930	27,930	27,930	27,930	15,050	15,050	15,050	15,050	15,050	15,050	15,050	15,050	15,050	15,050	15,050	15,050	15,050	15,050	15,050	15,050
平日(上り)	17,640	17,640	17,640	17,640	17,640	17,640	17,640	17,640	17,640	17,640	17,640	17,640	17,640	17,640	17,640	17,640	17,640	17,640	17,640	17,640	9,300	9,300	9,300	9,300	9,300	9,300	9,300	9,300	9,300	9,300	9,300	9,300	9,300	9,300	9,300	9,300
平日(下り)	14,000	14,000	14,000	14,000	14,000	14,000	14,000	14,000	14,000	14,000	14,000	14,000	14,000	14,000	14,000	14,000	14,000	14,000	14,000	14,000	7,380	7,380	7,380	7,380	7,380	7,380	7,380	7,380	7,380	7,380	7,380	7,380	7,380	7,380	7,380	7,380
土休日	9,460	9,460	9,460	9,460	9,460	9,460	9,460	9,460	9,460	9,460	9,460	9,460	9,460	9,460	9,460	9,460	9,460	9,460	9,460	9,460	5,000	5,000	5,000	5,000	5,000	5,000	5,000	5,000	5,000	5,000	5,000	5,000	5,000	5,000	5,000	5,000
中国	呉線	10:00発	10:15発	10:30発	10:45発	11:00発	11:15発	11:30発	11:45発	12:00発	12:15発	12:30発	12:45発	13:00発	13:15発	13:30発	13:45発	14:00発	14:15発	14:30発	14:45発	15:00発	15:30発	16:00発	16:30発	17:00発	17:30発	18:00発	18:30発	19:00発	19:30発	20:00発	20:30発	21:00発	21:30発	22:00発	最終
運行	21,160	21,160	21,160	21,160	21,160	21,160	21,160	21,160	21,160	21,160	21,160	21,160	21,160	21,160	21,160	21,160	21,160	21,160	21,160	21,160	11,180	11,180	11,180	11,180	11,180	11,180	11,180	11,180	11,180	11,180	11,180	11,180	11,180	11,180	11,180	11,180
基本時刻表	27,930	27,930	27,930	27,930	27,930	27,930	27,930	27,930	27,930	27,930	27,930	27,930	27,930	27,930	27,930	27,930	27,930	27,930	27,930	27,930	15,050	15,050	15,050	15,050	15,050	15,050	15,050	15,050	15,050	15,050	15,050	15,050	15,050	15,050	15,050	15,050
平日(上り)	17,640	17,640	17,640	17,640	17,640	17,640	17,640	17,640	17,640	17,640	17,640	17,640	17,640	17,640	17,640	17,640	17,640	17,640	17,640	17,640	9,300	9,300	9,300	9,300	9,300	9,300	9,300	9,300	9,300	9,300	9,300	9,300	9,300	9,300	9,300	9,300
平日(下り)	14,000	14,000	14,000	14,000	14,000	14,000	14,000	14,000	14,000	14,000	14,000	14,000	14,000	14,000	14,000	14,000	14,000	14,000	14,000	14,000	7,380	7,380	7,380	7,380	7,380	7,380	7,380	7,380	7,380	7,380	7,380	7,380	7,380	7,380	7,380	7,380
土休日	9,460	9,460	9,460	9,460	9,460	9,460	9,460	9,460	9,460	9,460	9,460	9,460	9,460	9,460	9,460	9,460	9,460	9,460	9,460	9,460	5,000	5,000	5,000	5,000	5,000	5,000	5,000	5,000	5,000	5,000	5,000	5,000	5,000	5,000	5,000	5,000
熊野線	10:00発	10:15発	10:30発	10:45発	11:00発	11:15発	11:30発	11:45発	12:00発	12:15発	12:30発	12:45発	13:00発	13:15発	13:30発	13:45発	14:00発	14:15発	14:30発	14:45発	15:00発	15:30発	16:00発	16:30発	17:00発	17:30発	18:00発	18:30発	19:00発	19:30発	20:00発	20:30発	21:00発	21:30発	22:00発	最終
運行	21,160	21,160	21,160	21,160	21,160	21,160	21,160	21,160	21,160	21,160	21,160	21,160	21,160	21,160	21,160	21,160	21,160	21,160	21,160	21,160	11,180	11,180	11,180	11,180	11,180	11,180	11,180	11,180	11,180	11,180	11,180	11,180	11,180	11,180	11,180	11,180
基本時刻表	27,930	27,930	27,930	27,930	27,930	27,930	27,930	27,930	27,930	27,930	27,930	27,930	27,930	27,930	27,930	27,930	27,930	27,930	27,930	27,930	15,050	15,050	15,050	15,050	15,050	15,050	15,050	15,050	15,050	15,050	15,050	15,050	15,050	15,050	15,050	15,050
平日(上り)	17,640	17,640	17,640	17,640	17,640	17,640	17,640	17,640	17,640	17,640	17,640	17,640	17,640	17,640	17,640	17,640	17,640	17,640	17,640	17,640	9,300	9,300	9,300	9,300	9,300	9,300	9,300	9,300	9,300	9,300	9,300	9,300	9,300	9,300	9,300	9,300
平日(下り)	14,000	14,000	14,000	14,000	14,000	14,000	14,000	14,000	14,000	14,000	14,000	14,000	14,000	14,000	14,000	14,000	14,000	14,000	14,000	14,000	7,380	7,380	7,380	7,380	7,380	7,380	7,380	7,380	7,380	7,380	7,380	7,380	7,380	7,380	7,380	7,380
土休日	9,460	9,460	9,460	9,460	9,460	9,460	9,460	9,460	9,460	9,460	9,460	9,460	9,460	9,460	9,460	9,460	9,460	9,460	9,460	9,460	5,000	5,000	5,000	5,000	5,000	5,000	5,000	5,000	5,000	5,000	5,000	5,000	5,000	5,000	5,000	5,000
矢野線	10:00発	10:15発	10:30発	10:45発	11:00発	11:15発	11:30発	11:45発	12:00発	12:15発	12:30発	12:45発	13:00発	13:15発	13:30発	13:45発	14:00発	14:15発	14:30発	14:45発	15:00発	15:30発	16:00発	16:30発	17:00発	17:30発	18:00発	18:30発	19:00発	19:30発	20:00発	20:30発	21:00発	21:30発	22:00発	最終
運行	21,160	21,160	21,160	21,160	21,160	21,160	21,160	21,160	21,160	21,160	21,160	21,160	21,160	21,160	21,160	21,160	21,160	21,160	21,160	21,160	11,180	11,180	11,180	11,180	11,180	11,180	11,180	11,180	11,180	11,180	11,180	11,180	11,180	11,180	11,180	11,180
基本時刻表	27,930	27,930	27,930	27,930	27,930	27,930	27,930	27,930	27,930	27,930	27,930	27,930	27,930	27,930	27,930	27,930	27,930	27,930	27,930	27,930	15,050	15,050	15,050	15,050	15,050	15,050	15,050	15,050	15,050	15,050	15,050	15,050	15,050	15,050	15,050	15,050
平日(上り)	17,640	17,640	17,640	17,640	17,640	17,640	17,640	17,640	17,640	17,640	17,640	17,640	17,640	17,640	17,640	17,640	17,640	17,640	17,640	17,640	9,300	9,300	9,300	9,300	9,300	9,300	9,300	9,300	9,300	9,300	9,300	9,300	9,300	9,300	9,300	9,300
平日(下り)	14,000	14,000	14,000	14,000	14,000	14,000	14,000	14,000	14,000	14,000	14,000	14,000	14,000	14,000	14,000	14,000	14,000	14,000	14,000	14,000	7,380	7,380	7,380	7,380	7,380	7,380	7,380	7,380	7,380	7,380	7,380	7,380	7,380	7,380	7,380	7,380
土休日	9,460	9,460	9,460	9,460	9,460	9,460	9,460	9,460	9,460	9,460	9,460	9,460	9,460	9,460	9,460	9,460	9,460	9,460	9,460	9,460	5,000	5,000	5,000	5,000	5,000	5,000	5,000	5,000	5,000	5,000	5,000	5,000	5,000	5,000	5,000	5,000
府中線	10:00発	10:15発	10:30発	10:45発	11:00発	11:15発	11:30発	11:45発	12:00発	12:15発	12:30発	12:45発	13:00発	13:15発	13:30発	13:45発	14:00発	14:15発	14:30発	14:45発	15:00発	15:30発	16:00発	16:30発	17:00発	17:30発	18:00発	18:30発	19:00発	19:30発	20:00発	20:30発	21:00発	21:30発	22:00発	最終
運行	21,160	21,160	21,160	21,160	21,160	21,160	21,160	21,160	21,160	21,160	21,160	21,160	21,160	21,160	21,160	21,160	21,160	21,160	21,160	21,160	11,180	11,180	11,180	11,180	11,180	11,180	11,180	11,180	11,180	11,180	11,180	11,180	11,180	11,180	11,180	11,180
基本時刻表	27,930	27,930	27,930	27,930	27,930	27,930	27,930	27,930	27,930	27,930	27,930	27,930	27,930	27,930	27,930	27,930	27,930	27,930	27,930	27,930	15,050	15,050	15,050	15,050	15,050	15,050	15,050	15,050	15,050	15,050	15,050	15,050	15,050	15,050	15,050	15,050
平日(上り)	17,640	17,640	17,640	17,640	17,640	17,640	17,640	17,640	17,640	17,640	17,640	17,640	17,640	17,640	17,640	17,640	17,640	17,640	17,640	17,640	9,300	9,300	9,300	9,300	9,300	9,300	9,300	9,300	9,300	9,300	9,300	9,300	9,300	9,300	9,300	9,300
平日(下り)	14,000	14,000	14,000	14,000	14,000	14,000	14,000	14,000	14,000	14,000	14,000	14,000	14,000	14,000	14,000	14,000	14,000	14,000	14,000	14,000	7,380	7,380	7,380	7,380	7,380	7,380	7,380	7,380	7,380	7,380	7,380	7,380	7,380	7,380	7,380	7,380
土休日	9,460	9,460	9,460	9,460	9,460	9,460	9,460	9,460	9,460	9,460	9,460	9,460	9,460	9,460	9,460	9,460	9,460	9,460	9,460	9,460	5,000	5,000	5,000	5,000	5,000	5,000	5,000	5,000	5,000	5,000	5,000	5,000	5,000	5,000	5,000	5,000
二葉線	10:00発	10:15発	10:30発	10:45発	11:00発	11:15発	11:30発	11:45発	12:00発	12:15発	12:30発	12:45発	13:00発	13:15発	13:30発	13:45発	14:00発	14:15発	14:30発	14:45発	15:00発	15:30発	16:00発	16:30発	17:00発	17:30発	18:00発	18:30発	19:00発	19:30発	20:00発	20:30発	21:00発	21:30発	22:00発	最終
運行	21,160	21,160	21,160	21,160	21,160	21,160	21,160	21,160	21,160	21,160	21,160	21,160	21,160	21,160	21,160	21,160	21,160	21,160	21,160	21,160	11,180	11,180	11,180	11,180	11,180	11,180	11,180	11,180	11,180	11,180	11,180	11,180	11,180	11,180	11,180	11,180
基本時刻表	27,930	27,930	27,930	27,930	27,930	27,930	27,930	27,930	27,930	27,930	27,930	27,930	27,930	27,930	27,930	27,930	27,930	27,930	27,930	27,930	15,050	15,050	15,050	15,050	15,050	15,050	15,050	15,050	15,050	15,050	15,050	15,050	15,050	15,050	15,050	15,050
平日(上り)	17,640	17,640	17,640	17,640	17,640	17,640	17,640	17,640	17,640	17,640	17,640	17,640	17,640	17,640	17,640	17,640	17,640	17,640	17,640	17,640	9,300	9,300	9,300	9,300	9,300	9,300	9,300	9,300	9,300	9,300	9,300	9,300	9,300	9,300	9,300	9,300
平日(下り)	14,000	14,000	14,000	14,000	14,000	14,000	14,000	14,000	14,000	14,000	14,000	14,000	14,000	14,000	14,000	14,000	14,000	14,000	14,000	14,000	7,380	7,380	7,380	7,380	7,380	7,380	7,380	7,380	7,380	7,380	7,380	7,380	7,380	7,380	7,380	7,380
土休日	9,460	9,460	9,460	9,460	9,460	9,460	9,460	9,460	9,460	9,460	9,460	9,460	9,460	9,460	9,460	9,460	9,460	9,460	9,460	9,460	5,000	5,000	5,000	5,000	5,000	5,000	5,000	5,000	5,000	5,000	5,000	5,000	5,000	5,000	5,000	5,000
仁保線	10:00発	10:15発	10:30発	10:45発	11:00発	11:15発	11:30発	11:45発	12:00発	12:15発	12:30発	12:45発	13:00発	13:15発	13:30発	13:45発	14:00発	14:15発	14:30発	14:45発	15:00発	15:30発	16:00発	16:30発	17:00発	17:30発	18:00発	18:30発	19:00発	19:30発	20:00発	20:30発	21:00発	21:30発	22:00発	最終
運行	21,160	21,160	21,160	21,160	21,160	21,160	21,160	21,160	21,160	21,160	21,160	21,160	21,160	21,160	21,160	21,160	21,160	21,160	21,160	21,160	11,180	11,180	11,180	11,180	11,180	11,180	11,180	11,180	11,180	11,180	11,180	11,180	11,180	11,180	11,180	11,180
基本時刻表	27,930	27,930	27,930	27,930	27,930	27,930	27,930	27,930	27,930	27,930	27,930	27,930	27,930	27,930	27,930	27,930	27,930	27,930	27,930	27,930	15,050	15,050	15,050	15,050	15,050	15,050	15,050	15,050	15,050	15,050	15,050	15,050	15,050	15,050	15,050	15,050
平日(上り)	17,640	17,640	17,640	17,640	17,640	17,640	17,640	17,640	17,640	17,640	17,640	17,640	17,640	17,640	17,640	17,640	17,640	17,640	17,640	17,640	9,300	9,300	9,300	9,300	9,300	9,300	9,300	9,300	9,300	9,300	9,300	9,300	9,300	9,300	9,300	9,300
平日(下り)	14,000	14,000	14,000	14,000	14,000	14,000	14,000	14,000	14,000	14,000	14,000	14,000	14,000	14,000	14,000	14,000	14,000	14,000	14,000	14,000	7,380	7,380	7,380	7,380	7,380	7,380	7,380	7,380	7,380	7,380	7,380	7,380	7,380	7,380	7,380	7,380
土休日	9,460	9,460	9,460	9,460	9,460	9,460	9,460	9,460	9,460	9,460	9,460	9,460	9,460	9,460	9,460	9,460	9,460	9,460	9,460	9,460	5,000	5,000	5,000	5,000	5,000	5,000	5,000	5,000	5,000	5,000	5,000	5,000	5,000	5,000	5,000	5,000
宇品線	10:00発	10:15発	10:30発	10:45発	11:00発	11:15発	11:30発	11:45発	12:00発	12:15発	12:30発	12:45発	13:00発	13:15発	13:30発	13:45発	14:00発	14:15発	14:30発	14:45発	15:00発	15:30発	16:00発	16:30発	17:00発	17:30発	18:00発	18:30発	19:00発	19:30発	20:00発	20:30発	21:00発	21:30発	22:00発	最終
運行	21,160	21,160	21,160	21,160	21,160	21,160	21,160	21,160	21,160	21,160	21,160	21,160	21,160	21,160	21,160	21,160	21,160	21,160	21,160	21,160	11,180	11,180	11,180	11,180	11,180	11,180	11,180	11,180	11,180	11,180	11,180	11,180	11,180	11,180	11,180	11,180
基本時刻表	27,930	27,930	27,930	27,930	27,930	27,930	27,930	27,930	27,930	27,930	27,930	27,930	27,930	27,930	27,930	27,930	27,930	27,930	27,930	27,930	15,050	15,050	15,050	15,050	15,050	15,050	15,050	15,050	15,050	15,050	15,050	15,050	15,050	15,050	15,050	15,050
平日(上り)	17,640	17,640	17,640	17,640	17,640	17,640	17,640	17,640	17,640	17,640	17,640	17,640	17,640	17,640	17,640	17,640	17,640	17,640	17,640	17,640	9,300	9,300	9,300	9,300	9,300	9,300	9,300	9,300	9,300	9,300	9,300	9,300	9,300	9,300	9,300	9,300
平日(下り)	14,000	14,000	14,000	14,000	14,000	14,000	14,000	14,000	14,000	14,000	14,000	14,000	14,000	14,000	14,000	14,000	14,000	14,000	14,000	14,000	7,380	7,380	7,380	7,380	7,380	7,380	7,380	7,380	7,380	7,380	7,380	7,380	7,380	7,380	7,380	7,380
土休日	9,460	9,460	9,460	9,460	9,460	9,460	9,460	9,460	9,460	9,460	9,460	9,460	9,460	9,460	9,460	9,460	9,460	9,460	9,460	9,460	5,000	5,000	5,000	5,000	5,000	5,000	5,000	5,000	5,000	5,000	5,000	5,000	5,000	5,000	5,000	5,000
海田線	10:00発	10:15発	10:30発	10:45発	11:00発	11:15発	11:30発	11:45発	12:00発	12:15発	12:30発	12:45発	13:00発	13:15発	13:30発	13:45発	14:00発	14:15発	14:30発	14:45発	15:00発	15:30発	16:00発	16:30発	17:00発	17:30発	18:00発	18:30発	19:00発	19:30発	20:00発	20:30発	21:00発	21:30発	22:00発	最終
運行	21,160	21,160	21,160	21,160	21,160	21,160	21,160	21,160	21,160	21,160	21,160	21,160	21,160	21,160	21,160	21,160	21,160	21,160	21,160	21,160	11,180	11,180	11,180	11,180	11,180	11,180	11,180	11,180	11,180	11,180	11,180	11,180	11,180	11,180	11,180	11,180
基本時刻表	27,930	27,930	27,930	27,930	27,930	27,930	27,930	27,930	27,930	27,930	27,930	27,930	27,930	27,930	27,930	27,930	27,930	27,930	27,930	27,930	15,050	15,050	15,050	15,050	15,050	15,050	15,050	15,050	15,050	15,050	15,050	15,050	15,050	15,050	15,050	15,050
平日(上り)	17,640	17,640	17,640	17,640	17,640	17,640	17,640	17,640	17,640	17,640	17,640	17,640	17,640	17,640	17,640	17,640	17,640	17,640	17,640	17,640	9,300	9,300	9,300	9,300	9,300	9,300	9,300	9,300	9,300	9,300	9,300	9,300	9,300	9,300	9,300	9,300
平日(下り)	14,000	14,000	14,000	14,000	14,000	14,000	14,000	14,000	14,000	14,000	14,000	14,000	14,000	14,000	14,000	14,000	14,000	14,000	14,000	14,000	7,380	7,380	7,380	7,380	7,380	7,380	7,380	7,380	7,380	7,380	7,380	7,380	7,380	7,380	7,380	7,380
土休日	9,460	9,460	9,460	9,460	9,460	9,460	9,460	9,460	9,460	9,460	9,460	9,460	9,460	9,460	9,460	9,460	9,460	9,460	9,460	9,460	5,000	5,000	5,000	5,000	5,000	5,000	5,000	5,000	5,000	5,000	5,000	5,000	5,000	5,000	5,000	5,000
坂線	10:00発	10:15発	10:30発	10:45発	11:00発	11:15発	11:30発	11:45発	12:00発	12:15発	12:30発	12:45発	13:00発	13:15発	13:30発	13:45発	14:00発	14:15発	14:30発	14:45発	15:00発	15:30発	16:00発	16:30発	17:00発	17:30発	18:00発	18:30発	19:00発	19:30発	20:00発	20:30発	21:00発	21:30発	22:00発	最終
運行	21,160	21,160	21,160	21,160	21,160	21,160	21,160	21,160	21,160	21,160	21,160	21,160	21,160	21,160	21,160	21,160	21,160	21,160	21,160	21,160	11,180	11,180	11,180	11,180	11,180	11,180	11,180	11,180	11,180	11,180	11,180	11,180	11,180	11,180	11,180	11,180
基本時刻表	27,930	27,930	27,930	27,930	27,930	27,930	27,930	27,930	27,930	27,930	27,930	27,930	27,930	27,930	27,930	27,930	27,930	27,930	27,930	27,930	15,050	15,050	15,050	15,050	15,050	15,050	15,050	15,050	15,050	15,050	15,050	15,050	15,050	15,050	15,050	15,050
平日(上り)	17,640	17,640	17,640	17,640	17,640	17,640	17,640	17,640	17,640	17,640	17,640	17,640	17,640	17,640	17,640	17,640	17,640	17,640	17,640	17,640	9,300	9,300	9,300	9,300	9,300	9,300	9,300	9,300	9,300	9,300	9,300	9,300	9,300	9,300	9,300	9,300
平日(下り)	14,000	14,000	14,000	14,000	14,000	14,000	14,000	14,000	14,000	14,000	14,000	14,000	14,000	14,000	14,000	14,000	14,000	14,000	14,000	14,000	7,380	7,380	7,380	7,380	7,380	7,380	7,380	7,380	7,380	7,380	7,380	7,380	7,380	7,380	7,380	7,380
土休日	9,460	9,460	9,460	9,460	9,460	9,460	9,460	9,460	9,460	9,460	9,460	9,460	9,460	9,460	9,460	9,460	9,460	9,460	9,460	9,460	5,000	5,000	5,000	5,000	5,000	5,000	5,000	5,000	5,000	5,000	5,000	5,000	5,000	5,000	5,000	5,000
江田島線	10:00発	10:15発	10:30発	10:45発	11:00発	11:15発	11:30発	11:45発	12:00発	12:15発	12:30発	12:45発	13:00発	13:15発	13:30発	13:45発	14:00発	14:15発	14:30発	14:45発	15:00発	15:30発	16:00発	16:30発	17:00発	17:30発	18:00発	18:30発	19:00発	19:30発	20:00発	20:30発	21:00発	21:30発	22:00発	最終
運行	21,160	21,160	21,160	21,160	21,160	21,160	21,160	21,160	21,160	21,160	21,160	21,160	21,160	21,160	21,160	21,160	21,160	21,160	21,160	21,160	11,180	11,180	11,180	11,180	11,180	11,180	11,180	11,180	11,180	11,180	11,180	11,180	11,180	11,180	11,180	11,180
基本時刻表	27,930	27,930	27,930	27,930	27,930	27,930	27,930	27,930	27,930	27,930	27,930	27,930	27,930	27,930	27,930	27,930	27,930	27,930	27,930	27,930	15,050	15,050	15,050	15,050	15,050	15,050	15,050	15,050	15,050	15,050	15,050	15,050	15,050	15,050	15,050	15,050
平日(上り)	17,640	17,640	17,640	17,640	17,640	17,640	17,640	17,640	17,640	17,640	17,640	17,640	17,640	17,640	17,640	17,640	17,640	17,640	17,640	17,640	9,300	9,300	9,300	9,300	9,300	9,300	9,300	9,300	9,300	9,300	9,300	9,300	9,300	9,300	9,300	9,300
平日(下り)	14,000	14,000	14,000	14,000	14,000	14,000	14,000	14,000	14,000	14,000	14,000	14,000	14,000	14,000	14,000	14,000	14,000	14,000	14,000	14,000	7,380	7,380	7,380	7,380	7,380	7,380	7,380	7,380	7,380	7,380	7,380	7,380	7,380	7,380	7,380	7,380
土休日	9,460	9,460	9,460	9,460	9,460	9,460	9,460	9,460	9,460	9,460	9,460	9,460	9,460	9,460	9,460	9,460	9,460	9,460	9,460	9,460	5,000	5,000	5,000	5,000	5,000	5,000	5,000	5,000	5,000	5,000	5,000	5,000	5,000	5,000	5,000	5,000
大竹線	10:00発	10:15発	10:30発	10:45発	11:00発	11:15発	11:30発	11:45発	12:00発	12:15発	12:30発	12:45発	13:00発	13:15発	13:30発	13:45発	14:00発	14:15発	14:30発	14:45発	15:00発	15:30発	16:00発	16:30発	17:00発	17:30発	18:00発	18:30発	19:00発	19:30発	20:00発	20:30発	21:00発	21:30発	22:00発	最終
運行	21,160	21,160	21,160	21,160	21,160	21,160	21,160	21,160	21,160	21,160	21,160	21,160	21,160	21,160	21,160	21,160	21,160	21,160	21,160	21,160	11,180	11,180	11,180	11,180	11,180	11,180	11,180	11,180	11,180	11,180	11,180	11,180	11,180	11,180	11,180	11,180
基本時刻表	27,930	27,930	27,930	27,930	27,930	27,930	27,930	27,930	27,930	27,930	27,930	27,930	27,930	27,930	27,930	27,930	27,930	27,930	27,930	27,930	15,050	15,050	15,050	15,050	15,050	15,050	15,050	15,050	15,050	15,050	15,050	15,050	15,050	15,050	15,050	15,050
平日(上り)	17,640	17,640	17,640	17,640	17,640	17,640	17,640	17,640	17,640	17,640	17,640	17,640	17,640	17,640	17,640	17,640	17,640	17,640	17,640	17,640	9,300	9,300	9,300	9,300	9,300	9,300	9,300	9,300	9,300	9,300	9,300	9,300	9,300	9,300	9,300	9,300
平日(下り)	14,000	14,000	14,000	14,000	14,000	14,000	14,000	14,000	14,000	14,000	14,000	14,000	14,000	14,000	14,000	14,000	14,000	14,000	14,000	14,000	7,380	7,380	7,380	7,380	7,380	7,380	7,380	7,380	7,380	7,380	7,380	7,380	7,380	7,380	7,380	7,380
土休日	9,460	9,460	9,460	9,460	9,460	9,460	9,460	9,460	9,460	9,460	9,460	9,460	9,460	9,460	9,460	9,460	9,460	9,460	9,460	9,460	5,000	5,000	5,000	5,000	5,000	5,000	5,000	5,000	5,000	5,000	5,000	5,000	5,000	5,000	5,000	5,000
宮島線	10:00発	10:15発	10:30発	10:45発	11:00発	11:15発	11:30発	11:45発	12:00発	12:15発	12:30発	12:45発	13:00発	13:15発	13:30発	13:45発	14:00発	14:15発	14:30発	14:45発	15:00発	15:30発	16:00発	16:30発	17:00発	17:30発	18:00発	18:30発	19:00発	19:30発	20:00発	20:30発	21:00発	21:30発	22:00発	最終
運行	21,160	21,160	21,160	21,160	21,160	21,160	21,160	21,160	21,160	21,160	21,160	21,160	21,160	21,160	21,160	21,160	21,160	21,160	21,160	21,160	11,180	11,180	11,180	11,180	11,180	11,180	11,180	11,180	11,180	11,180	11,180	11,180	11,180	11,180	11,180	11,180
基本時刻表	27,930	27,930	27,930	27,930	27,930	27,930	27,930	27,930	27,930	27,930	27,930	27,930	27,930	27,930	27,930	27,930	27,930	27,930	27,930	27,930	15,050	15,050	15,050	15,050	15,050	15,050	15,050	15,050	15,050	15,050	15,050	15,050	15,050	15,050	15,050	15,050
平日(上り)	17,640	17,640	17,640	17,640	17,640	17,640	17,640	17,640	17,640	17,640	17,640	17,640	17,640	17,640	17,640	17,640	17,640	17,640	17,640	17,640	9,300	9,300	9,300	9,300	9,300	9,300	9,300	9,300	9,300	9,300	9,300	9,300	9,300	9,300	9,300	9,300
平日(下り)	14,000	14,000	14,000	14,000	14,000	14,000	14,000	14,000	14,000	14,000	14,000	14,000	14,000	14,000	14,000	14,000	14,000	14,000	14,000	14,000	7,380	7,380	7,380	7,380	7,380	7,380	7,380	7,380	7,380	7,380	7,380	7,380	7,380	7,380	7,380	7,380
土休日	9,460	9,460	9,460	9,460	9,460	9,460	9,460	9,460	9,460	9,460	9,460	9,460	9,460	9,460	9,460	9,460	9,460	9,460	9,460	9,460	5,000	5,000	5,000	5,000	5,000	5,000	5,000	5,000	5,000	5,000	5,000	5,000	5,000	5,000	5,000	5,000
五日市線	10:00発	10:15発	10:30発	10:45発	11:00発	11:15発	11:30発	11:45発	12:00発	12:15発	12:30発	12:45発	13:00発	13:15発	13:30発	13:45発	14:00発	14:15発	14:30発	14:45発	15:00発	15:30発	16:00発	16:30発	17:00発	17:30発	18:00発	18:30発	19:00発	19:30発	20:00発	20:30発	21:00発	21:30発	22:00発	最終
運行	21,160	21,160	21,160	21,160	21,160	21,160	21,160	21,160	21,160	21,160	21,160	21,160	21,160	21,160	21,160	21,160	21,160	21,160	21,160	21,160	11,180	11,180	11,180	11,180	11,180	11,180	11,180	11,180	11,180	11,180	11,180	11,180	11,180	11,180	11,180	11,180
基本時刻表	27,930	27,930	27,930	27,930	27,930	27,930	27,930	27,930	27,930	27,930	27,930	27,930	27,930	27,930	27,930	27,930	27,930	27,930	27,930	27,930	15,050	15,050	15,050	15,050	15,050	15,050	15,050	15,050	15,050	15,050	15,050	15,050	15,050	15,050	15,050	15,050
平日(上り)	17,640	17,640	17,640	17,640	17,640	17,640	17,640	17,640	17,640	17,640	17,640	17,640	17,640	17,640	17,640	17,640	17,640	17,640	17,640	17,640	9,300	9,300	9,300	9,300	9,300	9,300	9,300	9,300	9,300	9,300	9,300	9,300	9,300	9,300	9,300	9,300
平日(下り)	14,000	14,000	14,000	14,000	14,000	14,000	14,000	14,000	14,000	14,000	14,000	14,000	14,000	14,000	14,000	14,000	14,000	14,000	14,000	14,000	7,380	7,380	7,380	7,380	7,380	7,380	7,380	7,380	7,380	7,380	7,380	7,380	7,380	7,380	7,380	7,380
土休日	9,460	9,460	9,460	9,460	9,460	9,460	9,460	9,460	9,460	9,460	9,460	9,460	9,460	9,460	9,460	9,460	9,460	9,460	9,460	9,460	5,000	5,000	5,000	5,000	5,000	5,000	5,000	5,000	5,000	5,000	5,000	5,000	5,000	5,000	5,000	5,000
観音線	10:00発	10:15発	10:30発	10:45発	11:00発	11:15発	11:30発	11:45発	12:00発	12:15発	12:30発	12:45発	13:00発	13:15発	13:30発	13:45発	14:00発	14:15発	14:30発	14:45発	15:00発	15:30発	16:00発	16:30発	17:00発	17:30発	18:00発	18:30発	19:00発	19:30発	20:00発	20:30発	21:00発	21:30発	22:00発	最終
運行	21,160	21,160	21,160	21,160	21,160	21,160	21,160	21,160	21,160	21,160	21,160	21,160	21,160	21,160	21,160	21,160	21,160	21,160	21,160	21,160	11,180	11,180	11,180	11,180	11,180	11,180	11,180	11,180	11,180	11,180	11,180	11,180	11,180	11,180	11,180	11,180
基本時刻表	27,930	27,930	27,930	27,930	27,930	27,930	27,930	27,930	27,930	27,930	27,930	27,930	27,930	27,930	27,930	27,930	27,930	27,930	27,930	27,930	15,050	15,050	15,050	15,050	15,050	15,050	15,050	15,050	15,050	15,050	15,050	15,050	15,050	15,050	15,050	15,050
平日(上り)	17,640	17,640	17,640	17,640	17,640	17,640	17,640	17,640	17,640	17,640	17,640	17,640	17,640	17,640	17,640	17,640	17,640	17,640	17,640	17,640	9,300	9,300	9,300	9,300	9,300	9,300	9,300	9,300	9,300	9,300	9,300	9,300	9,300	9,300	9,300	9,300
平日(下り)	14,000	14,000	14,000	14,000	14,000	14,000	14,000	14,000	14,000	14,000	14,000	14,000	14,000	14,000	14,000	14,000	14,000	14,000	14,000	14,000	7,380	7,380	7,380	7,380	7,380	7,380	7,380	7,380	7,380	7,380	7,380	7,380	7,380	7,380	7,380	7,380
土休日	9,460	9,460	9,460	9,460	9,460	9,460	9,460	9,460	9,460	9,460	9,460	9,460	9,460	9,460	9,460	9,460	9,460	9,460	9,460	9,460	5,000	5,000	5,000	5,000	5,000	5,000	5,000	5,000	5,000	5,000	5,000	5,000	5,000	5,000	5,000	5,000
吉島線	10:00発	10:15発	10:30発	10:45発	11:00発	11:15発	11:30発	11:45発	12:00発	12:15発	12:30発	12:45発	13:00発	13:15発	13:30発	13:45発	14:00発	14:15発	14:30発	14:45発	15:00発	15:30発	16:00発	16:30発	17:00発	17:30発	18:00発	18:30発	19:00発	19:30発	20:00発	20:30発	21:00発	21:30発	22:00発	最終
